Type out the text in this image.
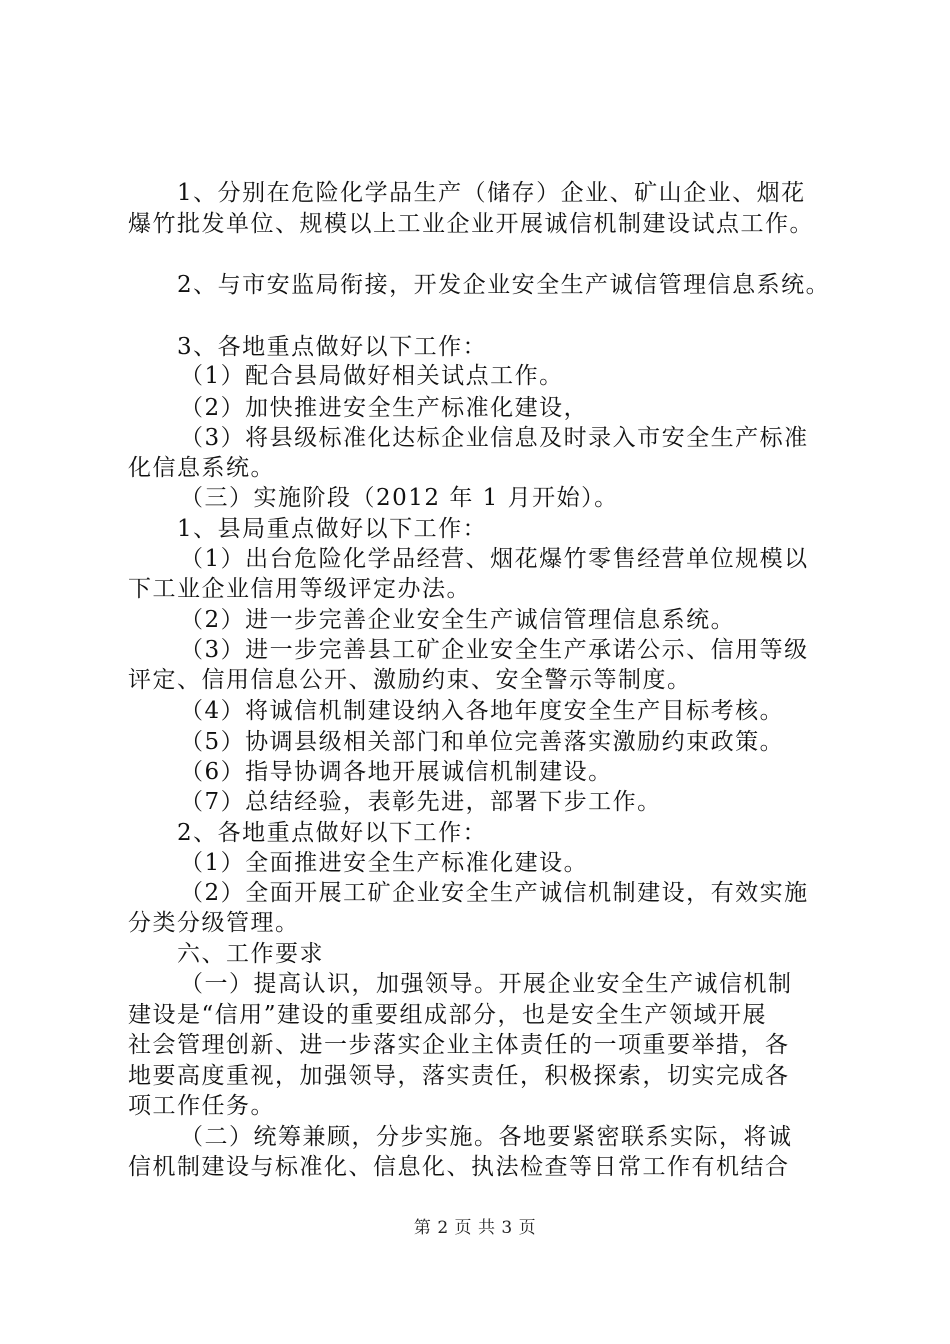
1、分别在危险化学品生产（储存）企业、矿山企业、烟花
爆竹批发单位、规模以上工业企业开展诚信机制建设试点工作。
2、与市安监局衔接，开发企业安全生产诚信管理信息系统。
3、各地重点做好以下工作：
（1）配合县局做好相关试点工作。
（2）加快推进安全生产标准化建设，
（3）将县级标准化达标企业信息及时录入市安全生产标准
化信息系统。
（三）实施阶段（2012 年 1 月开始）。
1、县局重点做好以下工作：
（1）出台危险化学品经营、烟花爆竹零售经营单位规模以
下工业企业信用等级评定办法。
（2）进一步完善企业安全生产诚信管理信息系统。
（3）进一步完善县工矿企业安全生产承诺公示、信用等级
评定、信用信息公开、激励约束、安全警示等制度。
（4）将诚信机制建设纳入各地年度安全生产目标考核。
（5）协调县级相关部门和单位完善落实激励约束政策。
（6）指导协调各地开展诚信机制建设。
（7）总结经验，表彰先进，部署下步工作。
2、各地重点做好以下工作：
（1）全面推进安全生产标准化建设。
（2）全面开展工矿企业安全生产诚信机制建设，有效实施
分类分级管理。
六、工作要求
（一）提高认识，加强领导。开展企业安全生产诚信机制
建设是“信用”建设的重要组成部分，也是安全生产领域开展
社会管理创新、进一步落实企业主体责任的一项重要举措，各
地要高度重视，加强领导，落实责任，积极探索，切实完成各
项工作任务。
（二）统筹兼顾，分步实施。各地要紧密联系实际，将诚
信机制建设与标准化、信息化、执法检查等日常工作有机结合
第 2 页 共 3 页
